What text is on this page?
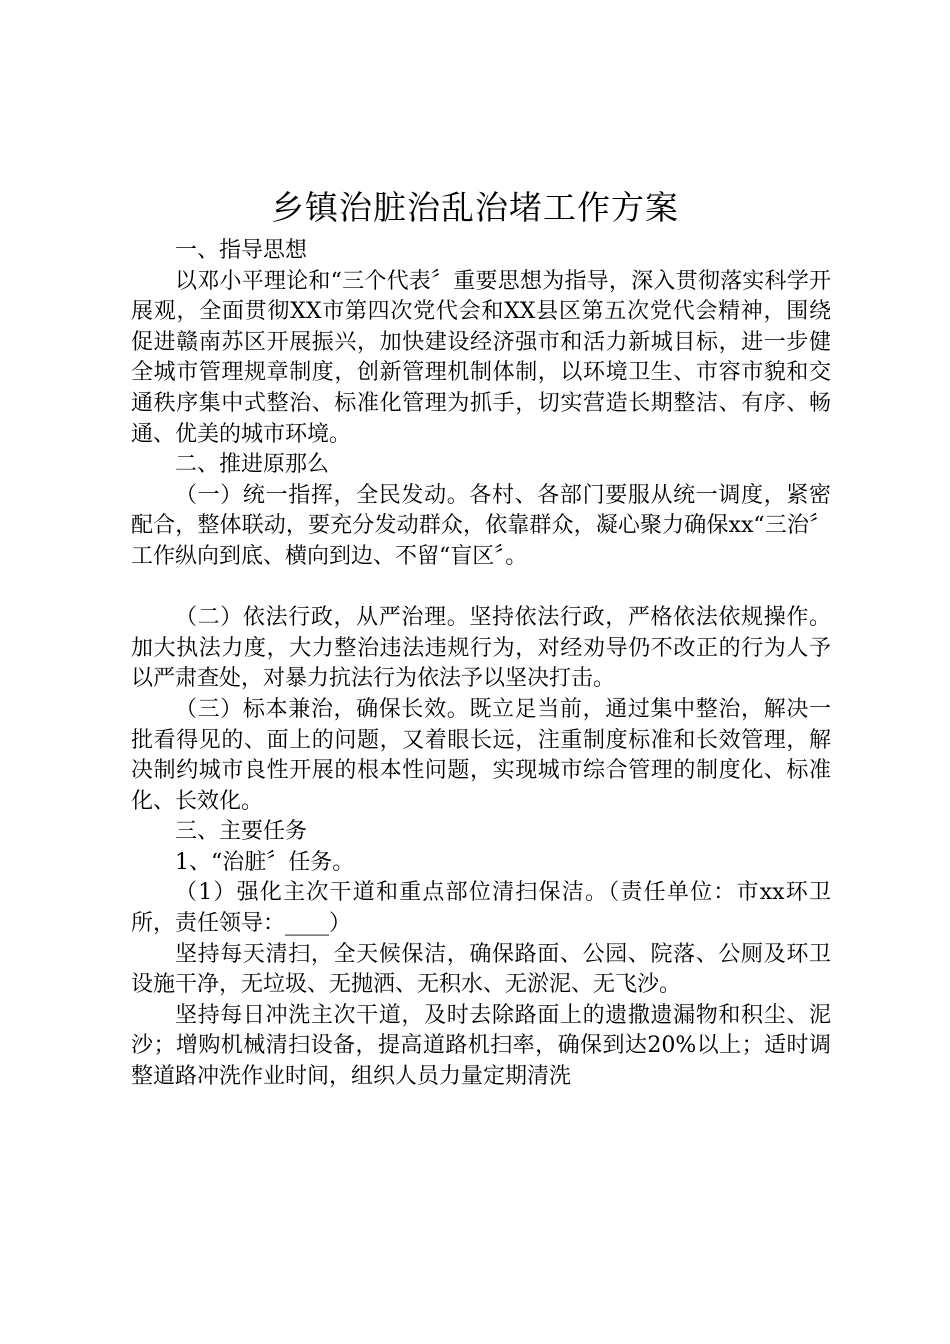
乡镇治脏治乱治堵工作方案

一、指导思想

以邓小平理论和“三个代表〞重要思想为指导，深入贯彻落实科学开展观，全面贯彻XX市第四次党代会和XX县区第五次党代会精神，围绕促进赣南苏区开展振兴，加快建设经济强市和活力新城目标，进一步健全城市管理规章制度，创新管理机制体制，以环境卫生、市容市貌和交通秩序集中式整治、标准化管理为抓手，切实营造长期整洁、有序、畅通、优美的城市环境。

二、推进原那么

（一）统一指挥，全民发动。各村、各部门要服从统一调度，紧密配合，整体联动，要充分发动群众，依靠群众，凝心聚力确保xx“三治〞工作纵向到底、横向到边、不留“盲区〞。

（二）依法行政，从严治理。坚持依法行政，严格依法依规操作。加大执法力度，大力整治违法违规行为，对经劝导仍不改正的行为人予以严肃查处，对暴力抗法行为依法予以坚决打击。

（三）标本兼治，确保长效。既立足当前，通过集中整治，解决一批看得见的、面上的问题，又着眼长远，注重制度标准和长效管理，解决制约城市良性开展的根本性问题，实现城市综合管理的制度化、标准化、长效化。

三、主要任务

1、“治脏〞任务。

（1）强化主次干道和重点部位清扫保洁。（责任单位：市xx环卫所，责任领导：____）

坚持每天清扫，全天候保洁，确保路面、公园、院落、公厕及环卫设施干净，无垃圾、无抛洒、无积水、无淤泥、无飞沙。

坚持每日冲洗主次干道，及时去除路面上的遗撒遗漏物和积尘、泥沙；增购机械清扫设备，提高道路机扫率，确保到达20%以上；适时调整道路冲洗作业时间，组织人员力量定期清洗
